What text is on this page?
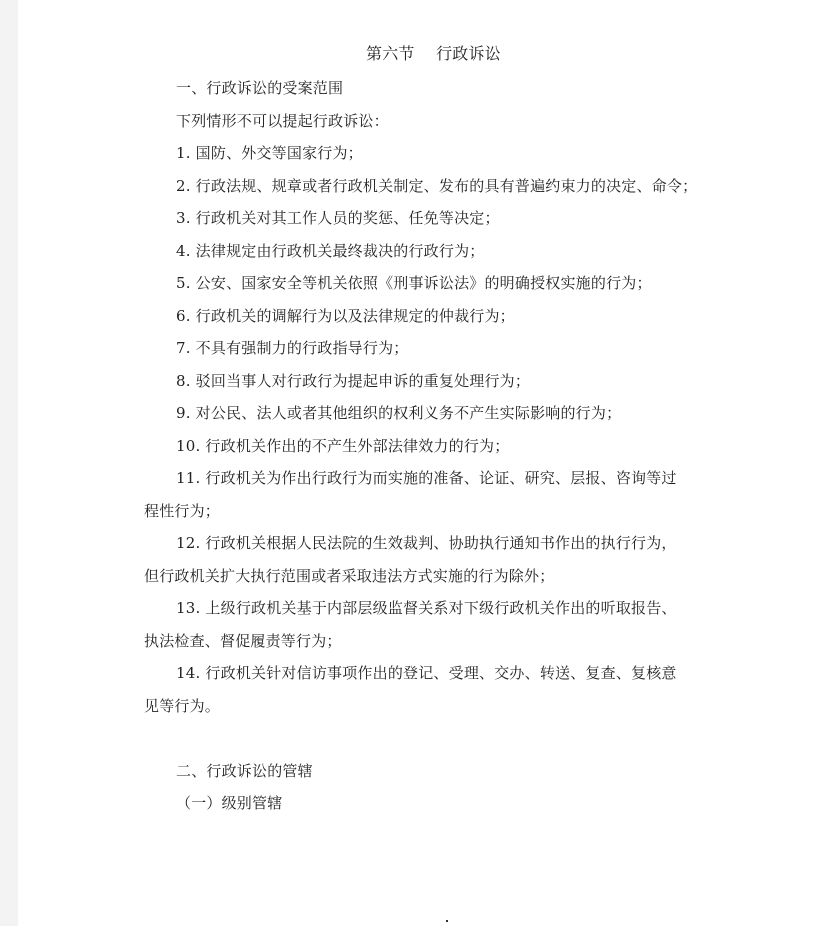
第六节　 行政诉讼
一、行政诉讼的受案范围
下列情形不可以提起行政诉讼：
1. 国防、外交等国家行为；
2. 行政法规、规章或者行政机关制定、发布的具有普遍约束力的决定、命令；
3. 行政机关对其工作人员的奖惩、任免等决定；
4. 法律规定由行政机关最终裁决的行政行为；
5. 公安、国家安全等机关依照《刑事诉讼法》的明确授权实施的行为；
6. 行政机关的调解行为以及法律规定的仲裁行为；
7. 不具有强制力的行政指导行为；
8. 驳回当事人对行政行为提起申诉的重复处理行为；
9. 对公民、法人或者其他组织的权利义务不产生实际影响的行为；
10. 行政机关作出的不产生外部法律效力的行为；
11. 行政机关为作出行政行为而实施的准备、论证、研究、层报、咨询等过
程性行为；
12. 行政机关根据人民法院的生效裁判、协助执行通知书作出的执行行为，
但行政机关扩大执行范围或者采取违法方式实施的行为除外；
13. 上级行政机关基于内部层级监督关系对下级行政机关作出的听取报告、
执法检查、督促履责等行为；
14. 行政机关针对信访事项作出的登记、受理、交办、转送、复查、复核意
见等行为。
二、行政诉讼的管辖
（一）级别管辖
